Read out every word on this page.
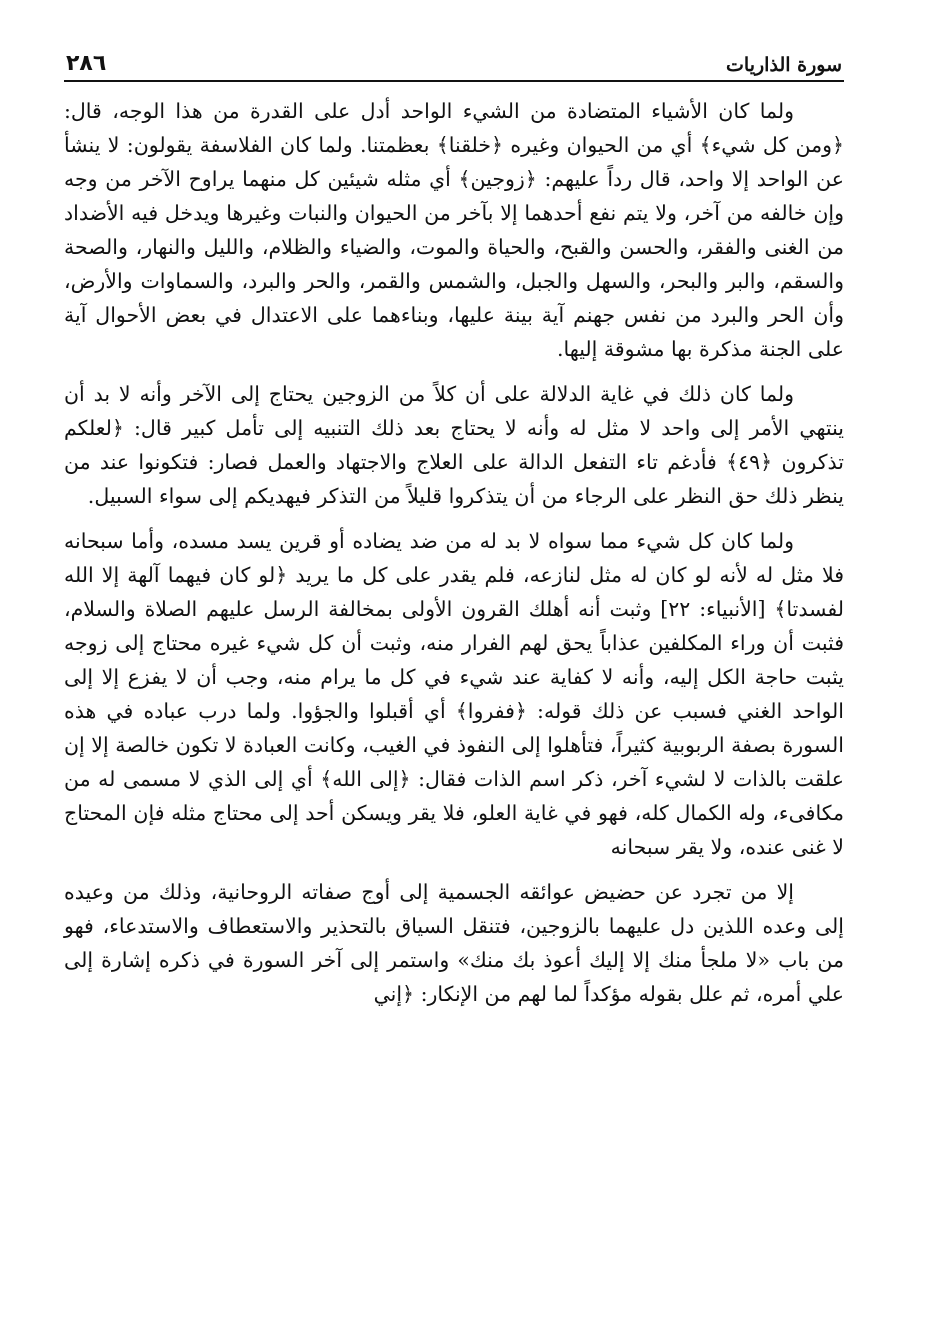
سورة الذاريات
٢٨٦

ولما كان الأشياء المتضادة من الشيء الواحد أدل على القدرة من هذا الوجه، قال: ﴿ومن كل شيء﴾ أي من الحيوان وغيره ﴿خلقنا﴾ بعظمتنا. ولما كان الفلاسفة يقولون: لا ينشأ عن الواحد إلا واحد، قال رداً عليهم: ﴿زوجين﴾ أي مثله شيئين كل منهما يراوح الآخر من وجه وإن خالفه من آخر، ولا يتم نفع أحدهما إلا بآخر من الحيوان والنبات وغيرها ويدخل فيه الأضداد من الغنى والفقر، والحسن والقبح، والحياة والموت، والضياء والظلام، والليل والنهار، والصحة والسقم، والبر والبحر، والسهل والجبل، والشمس والقمر، والحر والبرد، والسماوات والأرض، وأن الحر والبرد من نفس جهنم آية بينة عليها، وبناءهما على الاعتدال في بعض الأحوال آية على الجنة مذكرة بها مشوقة إليها.

ولما كان ذلك في غاية الدلالة على أن كلاً من الزوجين يحتاج إلى الآخر وأنه لا بد أن ينتهي الأمر إلى واحد لا مثل له وأنه لا يحتاج بعد ذلك التنبيه إلى تأمل كبير قال: ﴿لعلكم تذكرون ﴿٤٩﴾ فأدغم تاء التفعل الدالة على العلاج والاجتهاد والعمل فصار: فتكونوا عند من ينظر ذلك حق النظر على الرجاء من أن يتذكروا قليلاً من التذكر فيهديكم إلى سواء السبيل.

ولما كان كل شيء مما سواه لا بد له من ضد يضاده أو قرين يسد مسده، وأما سبحانه فلا مثل له لأنه لو كان له مثل لنازعه، فلم يقدر على كل ما يريد ﴿لو كان فيهما آلهة إلا الله لفسدتا﴾ [الأنبياء: ٢٢] وثبت أنه أهلك القرون الأولى بمخالفة الرسل عليهم الصلاة والسلام، فثبت أن وراء المكلفين عذاباً يحق لهم الفرار منه، وثبت أن كل شيء غيره محتاج إلى زوجه يثبت حاجة الكل إليه، وأنه لا كفاية عند شيء في كل ما يرام منه، وجب أن لا يفزع إلا إلى الواحد الغني فسبب عن ذلك قوله: ﴿ففروا﴾ أي أقبلوا والجؤوا. ولما درب عباده في هذه السورة بصفة الربوبية كثيراً، فتأهلوا إلى النفوذ في الغيب، وكانت العبادة لا تكون خالصة إلا إن علقت بالذات لا لشيء آخر، ذكر اسم الذات فقال: ﴿إلى الله﴾ أي إلى الذي لا مسمى له من مكافىء، وله الكمال كله، فهو في غاية العلو، فلا يقر ويسكن أحد إلى محتاج مثله فإن المحتاج لا غنى عنده، ولا يقر سبحانه

إلا من تجرد عن حضيض عوائقه الجسمية إلى أوج صفاته الروحانية، وذلك من وعيده إلى وعده اللذين دل عليهما بالزوجين، فتنقل السياق بالتحذير والاستعطاف والاستدعاء، فهو من باب «لا ملجأ منك إلا إليك أعوذ بك منك» واستمر إلى آخر السورة في ذكره إشارة إلى علي أمره، ثم علل بقوله مؤكداً لما لهم من الإنكار: ﴿إني
